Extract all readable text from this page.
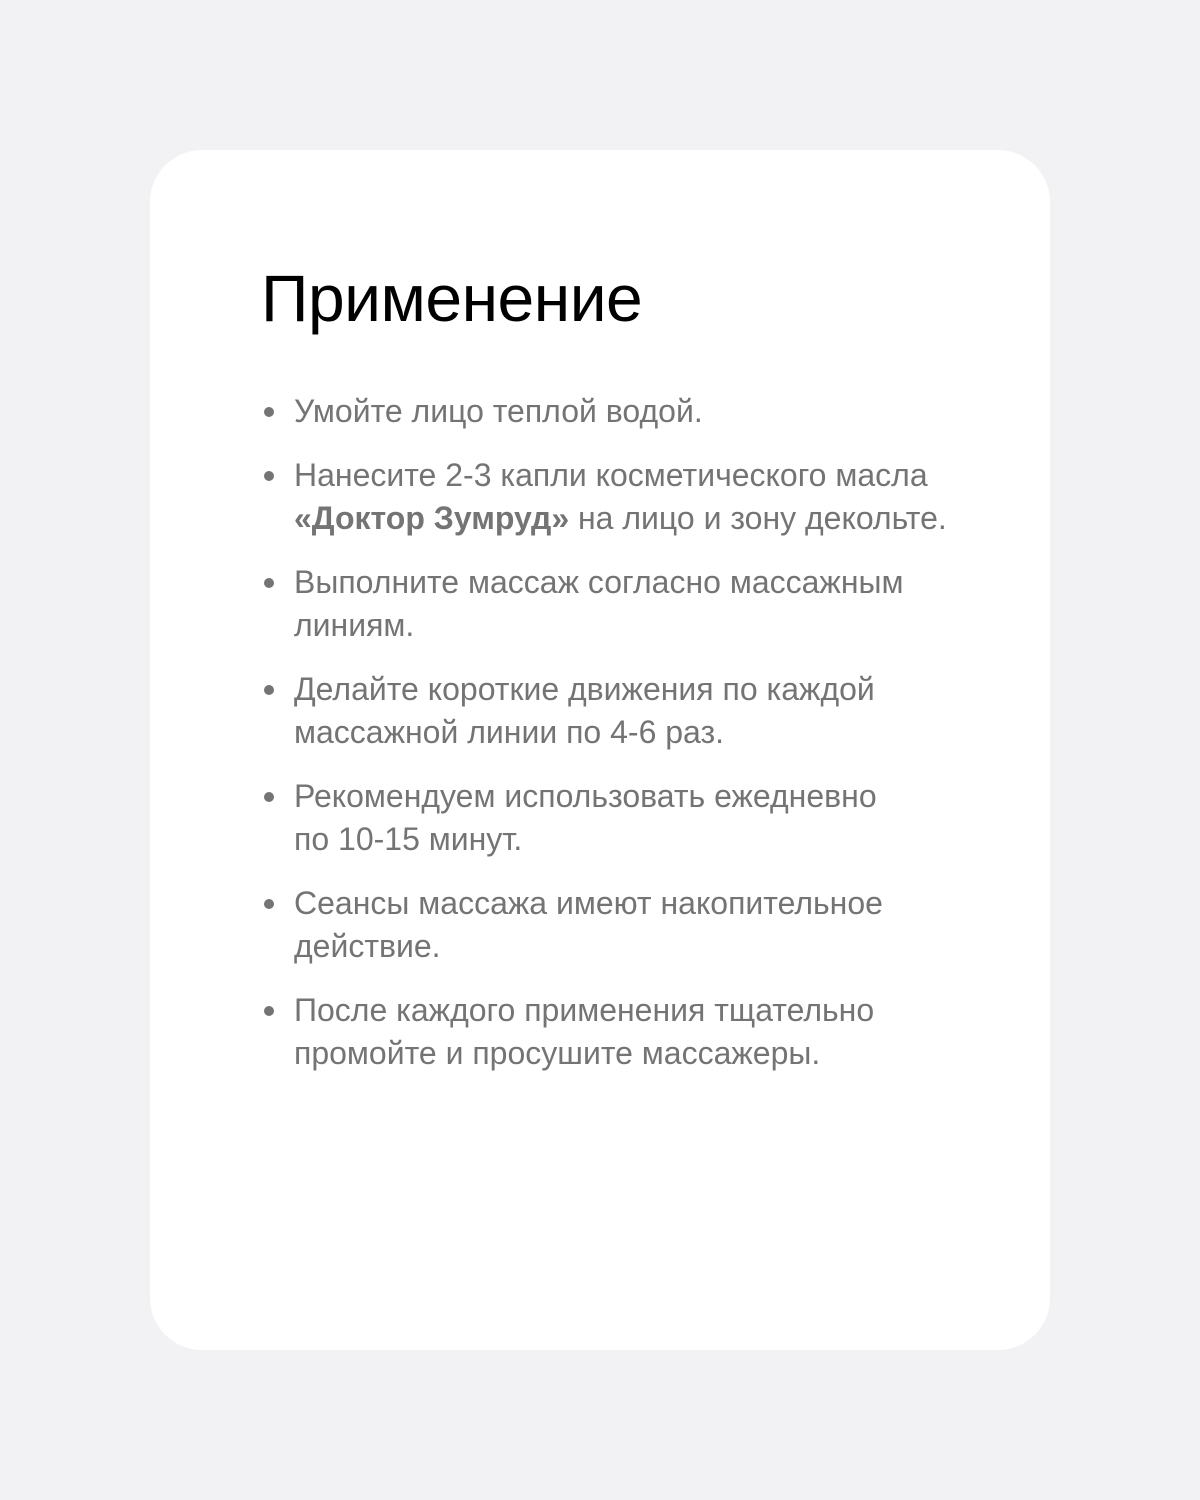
Применение
Умойте лицо теплой водой.
Нанесите 2-3 капли косметического масла
«Доктор Зумруд» на лицо и зону декольте.
Выполните массаж согласно массажным
линиям.
Делайте короткие движения по каждой
массажной линии по 4-6 раз.
Рекомендуем использовать ежедневно
по 10-15 минут.
Сеансы массажа имеют накопительное
действие.
После каждого применения тщательно
промойте и просушите массажеры.
